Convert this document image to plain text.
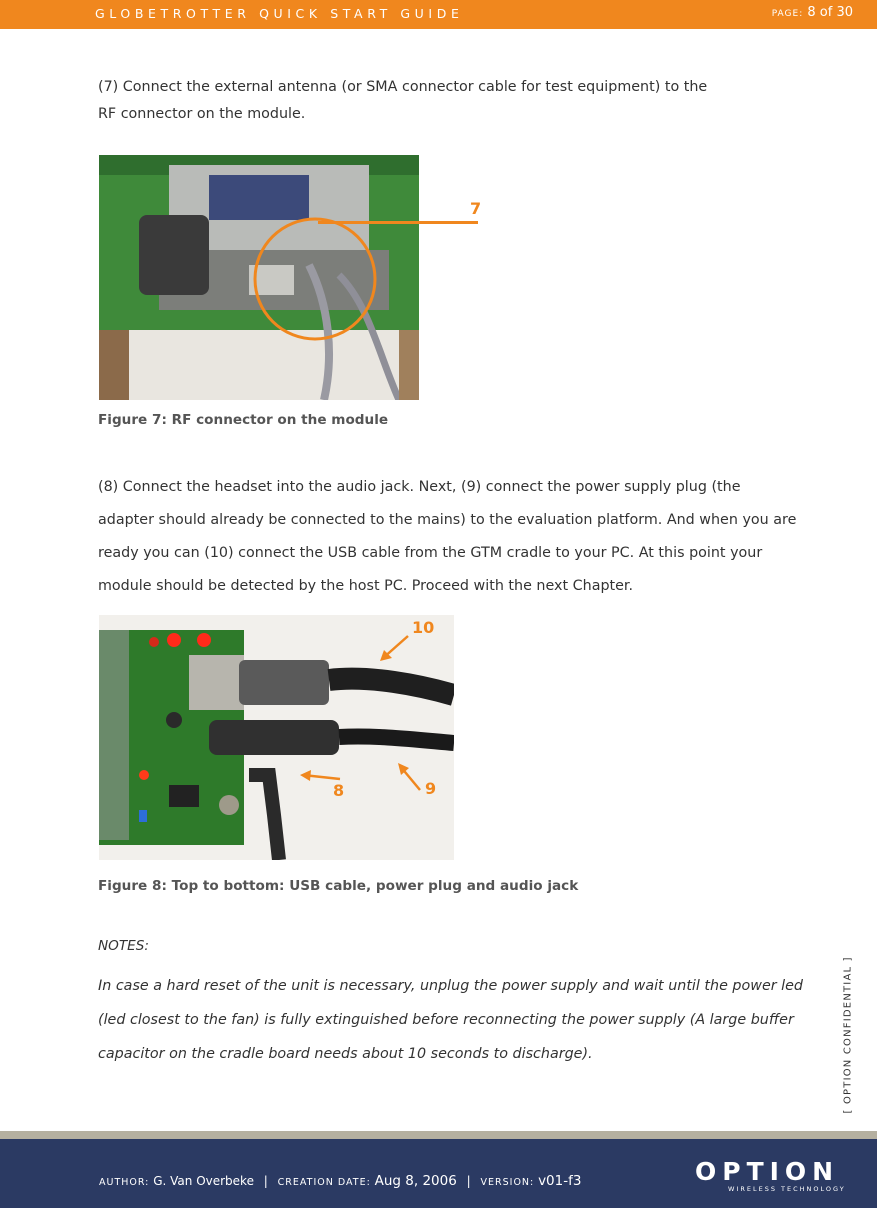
GLOBETROTTER QUICK START GUIDE	PAGE: 8 of 30
(7) Connect the external antenna (or SMA connector cable for test equipment) to the
RF connector on the module.
7
Figure 7: RF connector on the module
(8) Connect the headset into the audio jack. Next, (9) connect the power supply plug (the adapter should already be connected to the mains) to the evaluation platform. And when you are ready you can (10) connect the USB cable from the GTM cradle to your PC. At this point your module should be detected by the host PC. Proceed with the next Chapter.
10
8	9
Figure 8: Top to bottom: USB cable, power plug and audio jack
NOTES:
In case a hard reset of the unit is necessary, unplug the power supply and wait until the power led (led closest to the fan) is fully extinguished before reconnecting the power supply (A large buffer capacitor on the cradle board needs about 10 seconds to discharge).	[ OPTION CONFIDENTIAL ]
AUTHOR: G. Van Overbeke | CREATION DATE: Aug 8, 2006 | VERSION: v01-f3	OPTION
WIRELESS TECHNOLOGY
